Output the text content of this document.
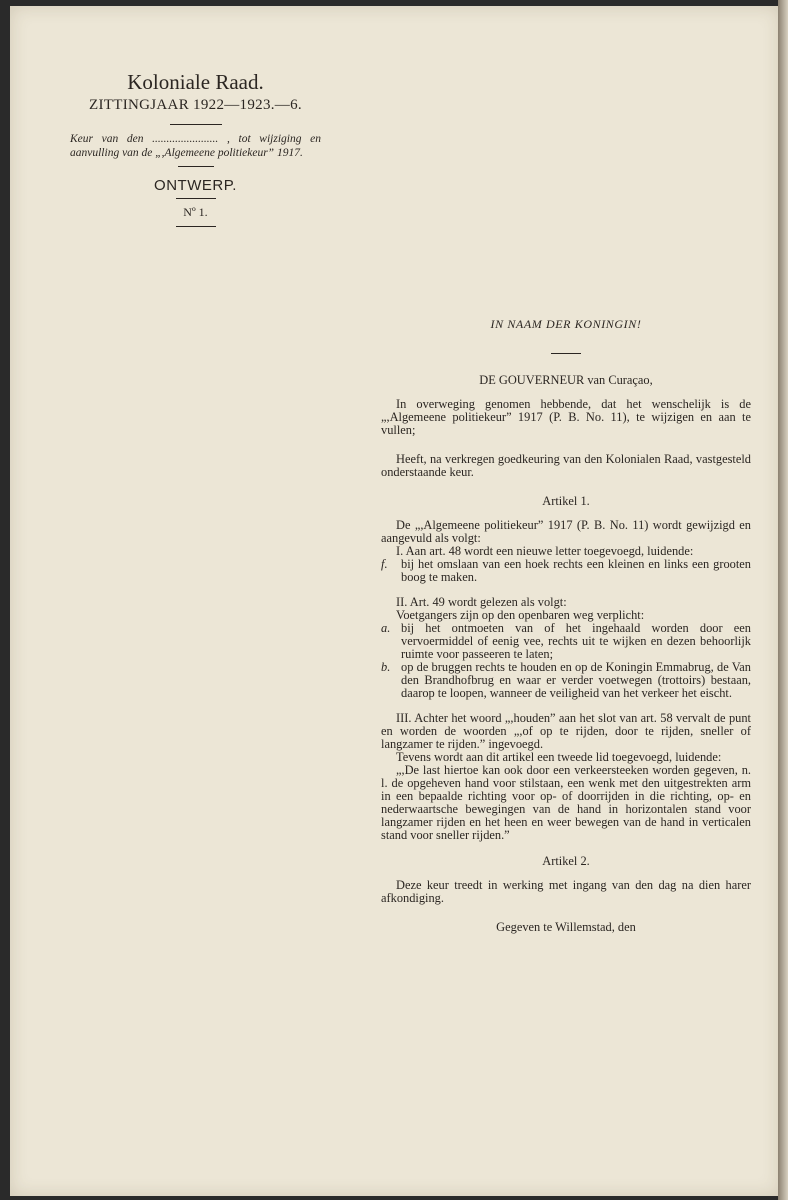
Koloniale Raad.

ZITTINGJAAR 1922—1923.—6.

Keur van den ....................... , tot wijziging en aanvulling van de „,Algemeene politiekeur” 1917.

ONTWERP.

Nº 1.

IN NAAM DER KONINGIN!

DE GOUVERNEUR van Curaçao,

In overweging genomen hebbende, dat het wenschelijk is de „,Algemeene politiekeur” 1917 (P. B. No. 11), te wijzigen en aan te vullen;

Heeft, na verkregen goedkeuring van den Kolonialen Raad, vastgesteld onderstaande keur.

Artikel 1.

De „,Algemeene politiekeur” 1917 (P. B. No. 11) wordt gewijzigd en aangevuld als volgt:

I. Aan art. 48 wordt een nieuwe letter toegevoegd, luidende:

f. bij het omslaan van een hoek rechts een kleinen en links een grooten boog te maken.

II. Art. 49 wordt gelezen als volgt:

Voetgangers zijn op den openbaren weg verplicht:

a. bij het ontmoeten van of het ingehaald worden door een vervoermiddel of eenig vee, rechts uit te wijken en dezen behoorlijk ruimte voor passeeren te laten;
b. op de bruggen rechts te houden en op de Koningin Emmabrug, de Van den Brandhofbrug en waar er verder voetwegen (trottoirs) bestaan, daarop te loopen, wanneer de veiligheid van het verkeer het eischt.

III. Achter het woord „,houden” aan het slot van art. 58 vervalt de punt en worden de woorden „,of op te rijden, door te rijden, sneller of langzamer te rijden.” ingevoegd.

Tevens wordt aan dit artikel een tweede lid toegevoegd, luidende:

„,De last hiertoe kan ook door een verkeersteeken worden gegeven, n. l. de opgeheven hand voor stilstaan, een wenk met den uitgestrekten arm in een bepaalde richting voor op- of doorrijden in die richting, op- en nederwaartsche bewegingen van de hand in horizontalen stand voor langzamer rijden en het heen en weer bewegen van de hand in verticalen stand voor sneller rijden.”

Artikel 2.

Deze keur treedt in werking met ingang van den dag na dien harer afkondiging.

Gegeven te Willemstad, den
